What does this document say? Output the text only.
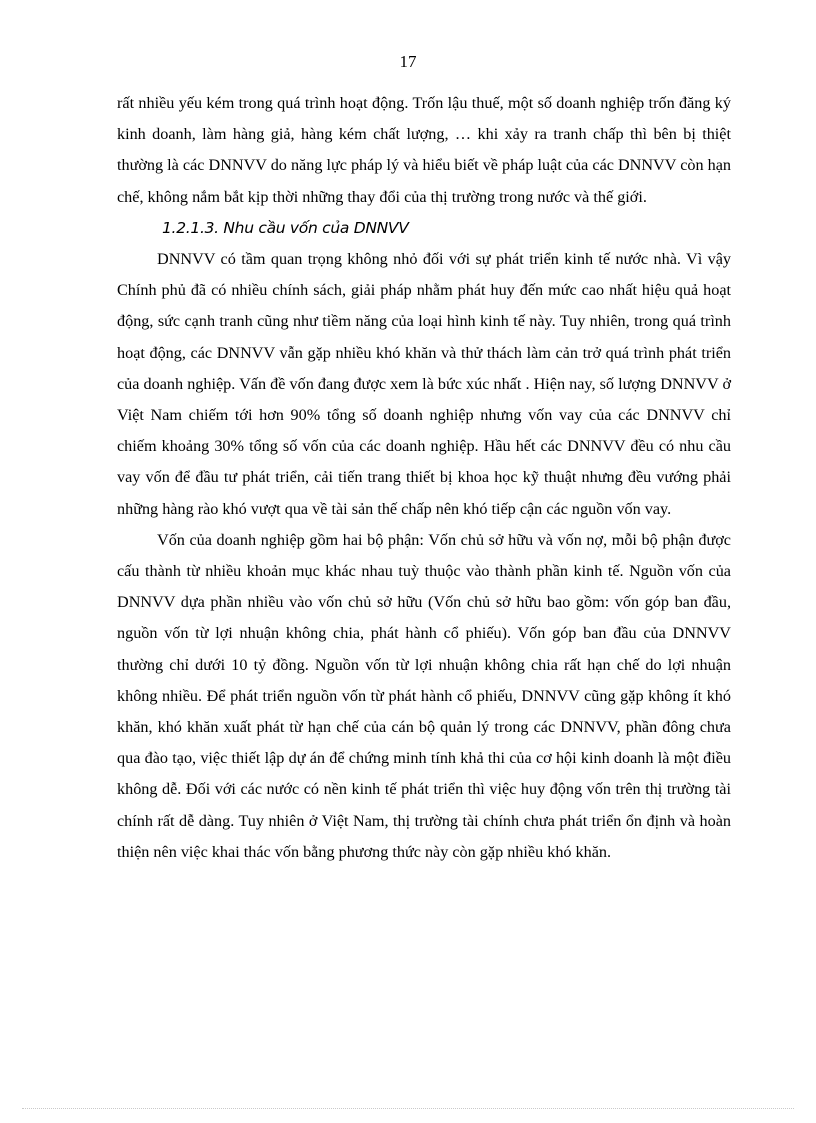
17

rất nhiều yếu kém trong quá trình hoạt động. Trốn lậu thuế, một số doanh nghiệp trốn đăng ký kinh doanh, làm hàng giả, hàng kém chất lượng, … khi xảy ra tranh chấp thì bên bị thiệt thường là các DNNVV do năng lực pháp lý và hiểu biết về pháp luật của các DNNVV còn hạn chế, không nắm bắt kịp thời những thay đổi của thị trường trong nước và thế giới.

1.2.1.3. Nhu cầu vốn của DNNVV

DNNVV có tầm quan trọng không nhỏ đối với sự phát triển kinh tế nước nhà. Vì vậy Chính phủ đã có nhiều chính sách, giải pháp nhằm phát huy đến mức cao nhất hiệu quả hoạt động, sức cạnh tranh cũng như tiềm năng của loại hình kinh tế này. Tuy nhiên, trong quá trình hoạt động, các DNNVV vẫn gặp nhiều khó khăn và thử thách làm cản trở quá trình phát triển của doanh nghiệp. Vấn đề vốn đang được xem là bức xúc nhất . Hiện nay, số lượng DNNVV ở Việt Nam chiếm tới hơn 90% tổng số doanh nghiệp nhưng vốn vay của các DNNVV chỉ chiếm khoảng 30% tổng số vốn của các doanh nghiệp. Hầu hết các DNNVV đều có nhu cầu vay vốn để đầu tư phát triển, cải tiến trang thiết bị khoa học kỹ thuật nhưng đều vướng phải những hàng rào khó vượt qua về tài sản thế chấp nên khó tiếp cận các nguồn vốn vay.

Vốn của doanh nghiệp gồm hai bộ phận: Vốn chủ sở hữu và vốn nợ, mỗi bộ phận được cấu thành từ nhiều khoản mục khác nhau tuỳ thuộc vào thành phần kinh tế. Nguồn vốn của DNNVV dựa phần nhiều vào vốn chủ sở hữu (Vốn chủ sở hữu bao gồm: vốn góp ban đầu, nguồn vốn từ lợi nhuận không chia, phát hành cổ phiếu). Vốn góp ban đầu của DNNVV thường chỉ dưới 10 tỷ đồng. Nguồn vốn từ lợi nhuận không chia rất hạn chế do lợi nhuận không nhiều. Để phát triển nguồn vốn từ phát hành cổ phiếu, DNNVV cũng gặp không ít khó khăn, khó khăn xuất phát từ hạn chế của cán bộ quản lý trong các DNNVV, phần đông chưa qua đào tạo, việc thiết lập dự án để chứng minh tính khả thi của cơ hội kinh doanh là một điều không dễ. Đối với các nước có nền kinh tế phát triển thì việc huy động vốn trên thị trường tài chính rất dễ dàng. Tuy nhiên ở Việt Nam, thị trường tài chính chưa phát triển ổn định và hoàn thiện nên việc khai thác vốn bằng phương thức này còn gặp nhiều khó khăn.
